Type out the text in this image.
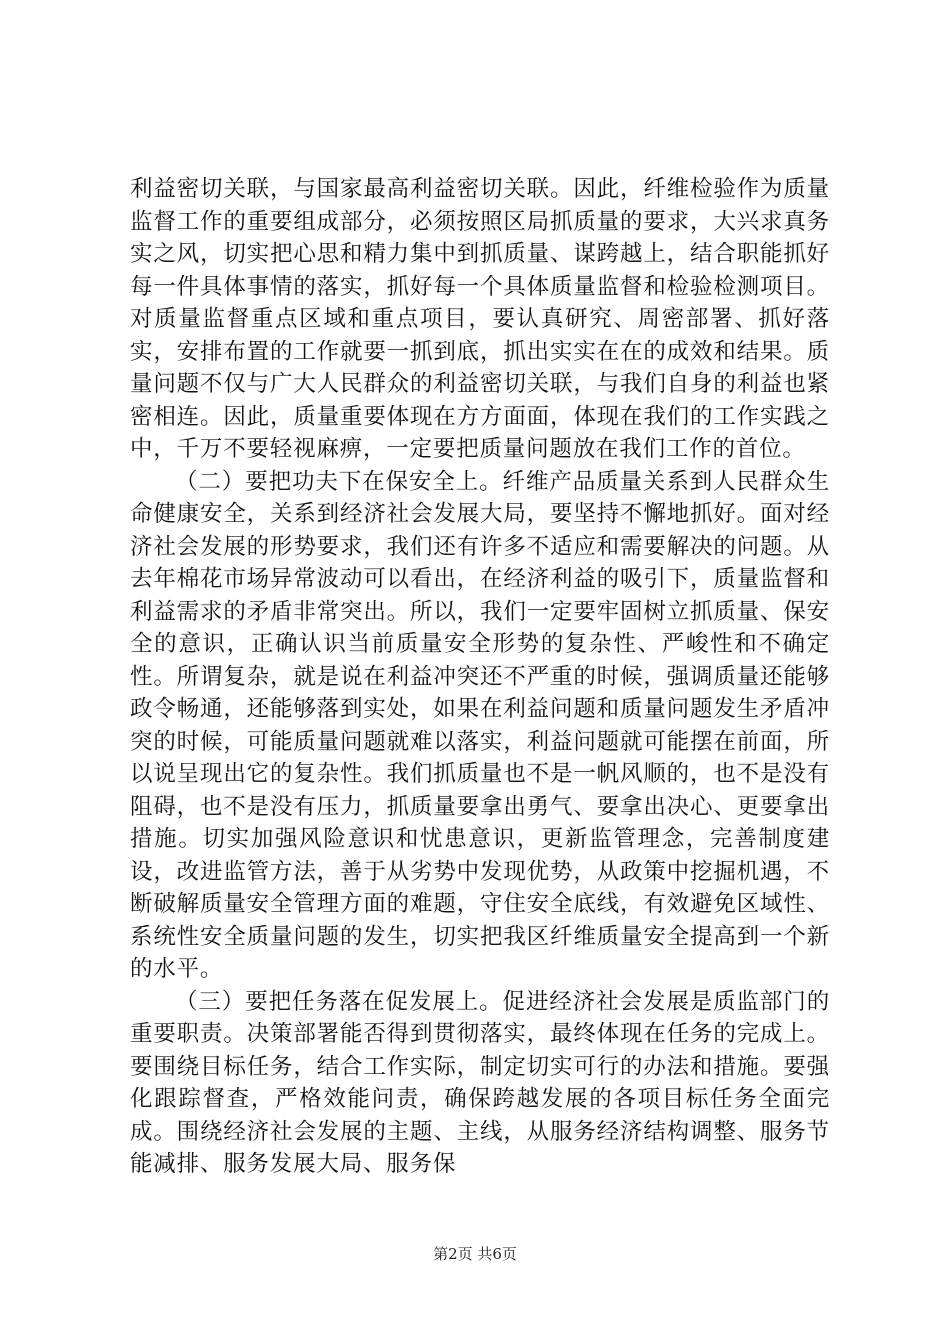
利益密切关联，与国家最高利益密切关联。因此，纤维检验作为质量监督工作的重要组成部分，必须按照区局抓质量的要求，大兴求真务实之风，切实把心思和精力集中到抓质量、谋跨越上，结合职能抓好每一件具体事情的落实，抓好每一个具体质量监督和检验检测项目。对质量监督重点区域和重点项目，要认真研究、周密部署、抓好落实，安排布置的工作就要一抓到底，抓出实实在在的成效和结果。质量问题不仅与广大人民群众的利益密切关联，与我们自身的利益也紧密相连。因此，质量重要体现在方方面面，体现在我们的工作实践之中，千万不要轻视麻痹，一定要把质量问题放在我们工作的首位。

（二）要把功夫下在保安全上。纤维产品质量关系到人民群众生命健康安全，关系到经济社会发展大局，要坚持不懈地抓好。面对经济社会发展的形势要求，我们还有许多不适应和需要解决的问题。从去年棉花市场异常波动可以看出，在经济利益的吸引下，质量监督和利益需求的矛盾非常突出。所以，我们一定要牢固树立抓质量、保安全的意识，正确认识当前质量安全形势的复杂性、严峻性和不确定性。所谓复杂，就是说在利益冲突还不严重的时候，强调质量还能够政令畅通，还能够落到实处，如果在利益问题和质量问题发生矛盾冲突的时候，可能质量问题就难以落实，利益问题就可能摆在前面，所以说呈现出它的复杂性。我们抓质量也不是一帆风顺的，也不是没有阻碍，也不是没有压力，抓质量要拿出勇气、要拿出决心、更要拿出措施。切实加强风险意识和忧患意识，更新监管理念，完善制度建设，改进监管方法，善于从劣势中发现优势，从政策中挖掘机遇，不断破解质量安全管理方面的难题，守住安全底线，有效避免区域性、系统性安全质量问题的发生，切实把我区纤维质量安全提高到一个新的水平。

（三）要把任务落在促发展上。促进经济社会发展是质监部门的重要职责。决策部署能否得到贯彻落实，最终体现在任务的完成上。要围绕目标任务，结合工作实际，制定切实可行的办法和措施。要强化跟踪督查，严格效能问责，确保跨越发展的各项目标任务全面完成。围绕经济社会发展的主题、主线，从服务经济结构调整、服务节能减排、服务发展大局、服务保

第2页 共6页
